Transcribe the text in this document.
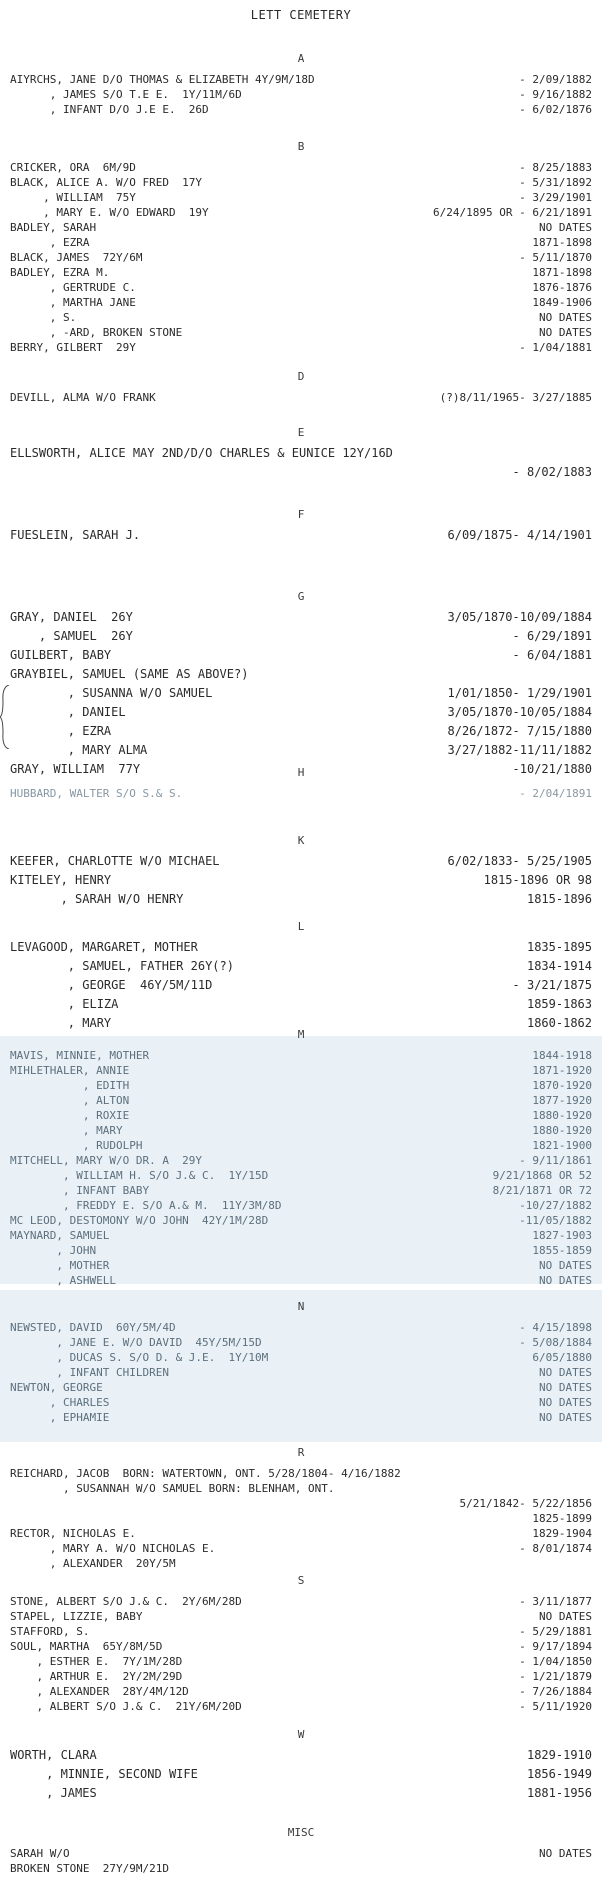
LETT CEMETERY
A
AIYRCHS, JANE D/O THOMAS & ELIZABETH 4Y/9M/18D	- 2/09/1882
, JAMES S/O T.E E.  1Y/11M/6D	- 9/16/1882
, INFANT D/O J.E E.  26D	- 6/02/1876
B
CRICKER, ORA  6M/9D	- 8/25/1883
BLACK, ALICE A. W/O FRED  17Y	- 5/31/1892
, WILLIAM  75Y	- 3/29/1901
, MARY E. W/O EDWARD  19Y	6/24/1895 OR - 6/21/1891
BADLEY, SARAH	NO DATES
, EZRA	1871-1898
BLACK, JAMES  72Y/6M	- 5/11/1870
BADLEY, EZRA M.	1871-1898
, GERTRUDE C.	1876-1876
, MARTHA JANE	1849-1906
, S.	NO DATES
, -ARD, BROKEN STONE	NO DATES
BERRY, GILBERT  29Y	- 1/04/1881
D
DEVILL, ALMA W/O FRANK	(?)8/11/1965- 3/27/1885
E
ELLSWORTH, ALICE MAY 2ND/D/O CHARLES & EUNICE 12Y/16D
- 8/02/1883
F
FUESLEIN, SARAH J.	6/09/1875- 4/14/1901
G
GRAY, DANIEL  26Y	3/05/1870-10/09/1884
, SAMUEL  26Y	- 6/29/1891
GUILBERT, BABY	- 6/04/1881
GRAYBIEL, SAMUEL (SAME AS ABOVE?)
, SUSANNA W/O SAMUEL	1/01/1850- 1/29/1901
, DANIEL	3/05/1870-10/05/1884
, EZRA	8/26/1872- 7/15/1880
, MARY ALMA	3/27/1882-11/11/1882
GRAY, WILLIAM  77Y	-10/21/1880
H
HUBBARD, WALTER S/O S.& S.	- 2/04/1891
K
KEEFER, CHARLOTTE W/O MICHAEL	6/02/1833- 5/25/1905
KITELEY, HENRY	1815-1896 OR 98
, SARAH W/O HENRY	1815-1896
L
LEVAGOOD, MARGARET, MOTHER	1835-1895
, SAMUEL, FATHER 26Y(?)	1834-1914
, GEORGE  46Y/5M/11D	- 3/21/1875
, ELIZA	1859-1863
, MARY	1860-1862
M
MAVIS, MINNIE, MOTHER	1844-1918
MIHLETHALER, ANNIE	1871-1920
, EDITH	1870-1920
, ALTON	1877-1920
, ROXIE	1880-1920
, MARY	1880-1920
, RUDOLPH	1821-1900
MITCHELL, MARY W/O DR. A  29Y	- 9/11/1861
, WILLIAM H. S/O J.& C.  1Y/15D	9/21/1868 OR 52
, INFANT BABY	8/21/1871 OR 72
, FREDDY E. S/O A.& M.  11Y/3M/8D	-10/27/1882
MC LEOD, DESTOMONY W/O JOHN  42Y/1M/28D	-11/05/1882
MAYNARD, SAMUEL	1827-1903
, JOHN	1855-1859
, MOTHER	NO DATES
, ASHWELL	NO DATES
N
NEWSTED, DAVID  60Y/5M/4D	- 4/15/1898
, JANE E. W/O DAVID  45Y/5M/15D	- 5/08/1884
, DUCAS S. S/O D. & J.E.  1Y/10M	6/05/1880
, INFANT CHILDREN	NO DATES
NEWTON, GEORGE	NO DATES
, CHARLES	NO DATES
, EPHAMIE	NO DATES
R
REICHARD, JACOB  BORN: WATERTOWN, ONT. 5/28/1804- 4/16/1882
, SUSANNAH W/O SAMUEL BORN: BLENHAM, ONT.
5/21/1842- 5/22/1856
1825-1899
RECTOR, NICHOLAS E.	1829-1904
, MARY A. W/O NICHOLAS E.	- 8/01/1874
, ALEXANDER  20Y/5M
S
STONE, ALBERT S/O J.& C.  2Y/6M/28D	- 3/11/1877
STAPEL, LIZZIE, BABY	NO DATES
STAFFORD, S.	- 5/29/1881
SOUL, MARTHA  65Y/8M/5D	- 9/17/1894
, ESTHER E.  7Y/1M/28D	- 1/04/1850
, ARTHUR E.  2Y/2M/29D	- 1/21/1879
, ALEXANDER  28Y/4M/12D	- 7/26/1884
, ALBERT S/O J.& C.  21Y/6M/20D	- 5/11/1920
W
WORTH, CLARA	1829-1910
, MINNIE, SECOND WIFE	1856-1949
, JAMES	1881-1956
MISC
SARAH W/O	NO DATES
BROKEN STONE  27Y/9M/21D
